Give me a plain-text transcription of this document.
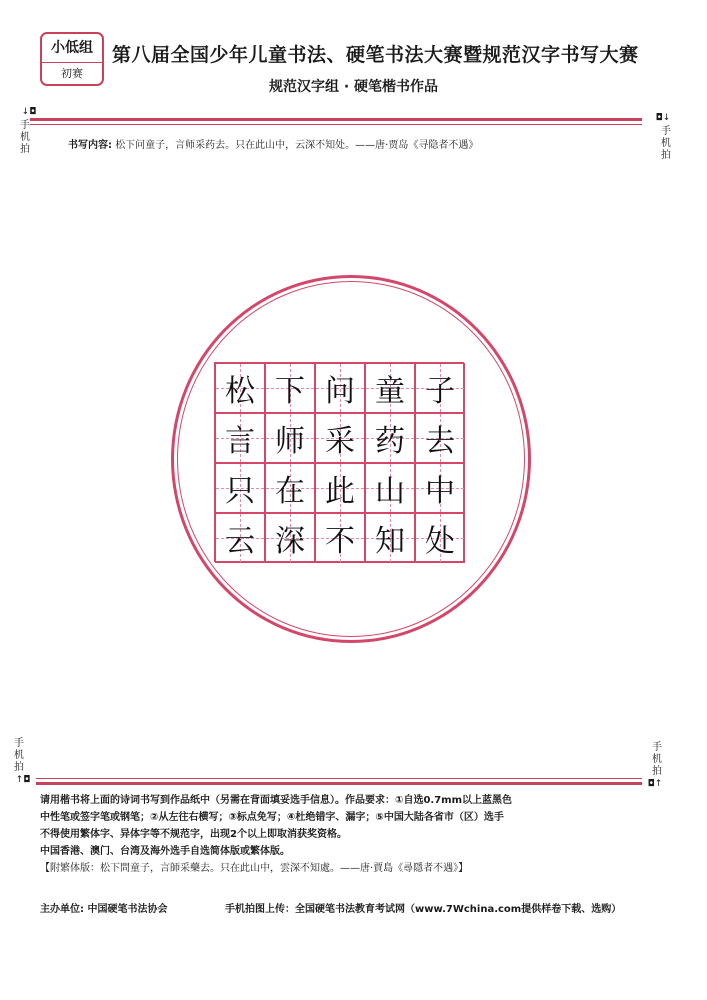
小低组
初赛
第八届全国少年儿童书法、硬笔书法大赛暨规范汉字书写大赛
规范汉字组 · 硬笔楷书作品
↓◘
手机拍
◘↓
手机拍
手机拍
↑◘
手机拍
◘↑
书写内容: 松下问童子，言师采药去。只在此山中，云深不知处。——唐·贾岛《寻隐者不遇》
松 下 问 童 子
言 师 采 药 去
只 在 此 山 中
云 深 不 知 处

请用楷书将上面的诗词书写到作品纸中（另需在背面填妥选手信息）。作品要求：①自选0.7mm以上蓝黑色

中性笔或签字笔或钢笔；②从左往右横写；③标点免写；④杜绝错字、漏字；⑤中国大陆各省市（区）选手

不得使用繁体字、异体字等不规范字，出现2个以上即取消获奖资格。

中国香港、澳门、台湾及海外选手自选简体版或繁体版。

【附繁体版：松下問童子，言師采藥去。只在此山中，雲深不知處。——唐·賈島《尋隱者不遇》】

主办单位: 中国硬笔书法协会	手机拍图上传：全国硬笔书法教育考试网（www.7Wchina.com提供样卷下载、选购）
